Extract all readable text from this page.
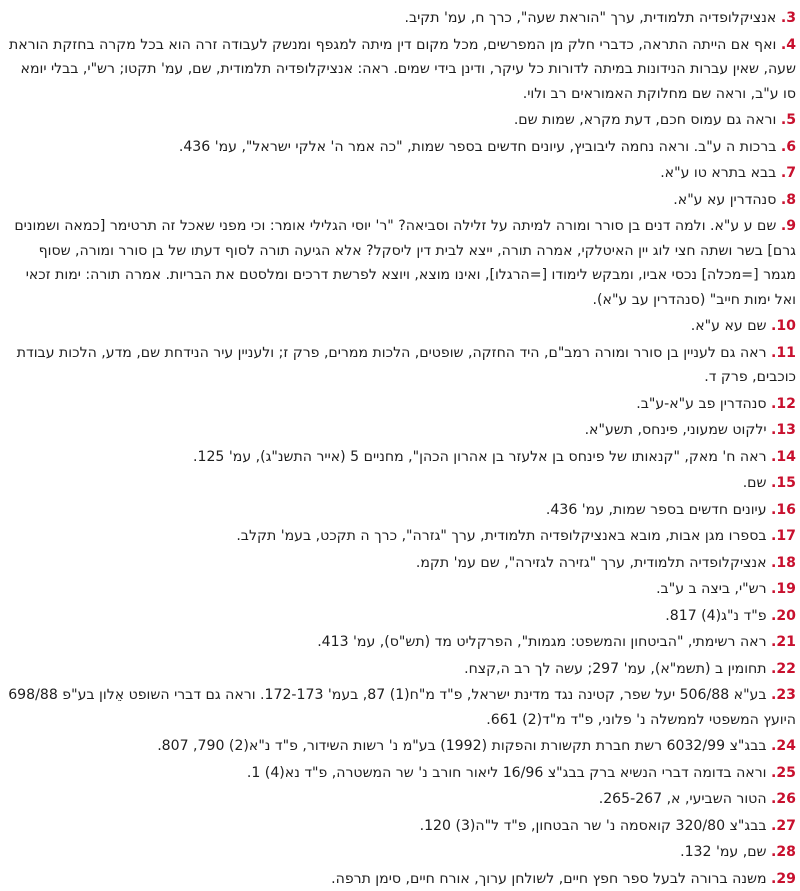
3. אנציקלופדיה תלמודית, ערך "הוראת שעה", כרך ח, עמ' תקיב.

4. ואף אם הייתה התראה, כדברי חלק מן המפרשים, מכל מקום דין מיתה למגפף ומנשק לעבודה זרה הוא בכל מקרה בחזקת הוראת שעה, שאין עברות הנידונות במיתה לדורות כל עיקר, ודינן בידי שמים. ראה: אנציקלופדיה תלמודית, שם, עמ' תקטו; רש"י, בבלי יומא סו ע"ב, וראה שם מחלוקת האמוראים רב ולוי.

5. וראה גם עמוס חכם, דעת מקרא, שמות שם.

6. ברכות ה ע"ב. וראה נחמה ליבוביץ, עיונים חדשים בספר שמות, "כה אמר ה' אלקי ישראל", עמ' 436.

7. בבא בתרא טו ע"א.

8. סנהדרין עא ע"א.

9. שם ע ע"א. ולמה דנים בן סורר ומורה למיתה על זלילה וסביאה? "ר' יוסי הגלילי אומר: וכי מפני שאכל זה תרטימר [כמאה ושמונים גרם] בשר ושתה חצי לוג יין האיטלקי, אמרה תורה, ייצא לבית דין ליסקל? אלא הגיעה תורה לסוף דעתו של בן סורר ומורה, שסוף מגמר [=מכלה] נכסי אביו, ומבקש לימודו [=הרגלו], ואינו מוצא, ויוצא לפרשת דרכים ומלסטם את הבריות. אמרה תורה: ימות זכאי ואל ימות חייב" (סנהדרין עב ע"א).

10. שם עא ע"א.

11. ראה גם לעניין בן סורר ומורה רמב"ם, היד החזקה, שופטים, הלכות ממרים, פרק ז; ולעניין עיר הנידחת שם, מדע, הלכות עבודת כוכבים, פרק ד.

12. סנהדרין פב ע"א-ע"ב.

13. ילקוט שמעוני, פינחס, תשע"א.

14. ראה ח' מאק, "קנאותו של פינחס בן אלעזר בן אהרון הכהן", מחניים 5 (אייר התשנ"ג), עמ' 125.

15. שם.

16. עיונים חדשים בספר שמות, עמ' 436.

17. בספרו מגן אבות, מובא באנציקלופדיה תלמודית, ערך "גזרה", כרך ה תקכט, בעמ' תקלב.

18. אנציקלופדיה תלמודית, ערך "גזירה לגזירה", שם עמ' תקמ.

19. רש"י, ביצה ב ע"ב.

20. פ"ד נ"ג(4) 817.

21. ראה רשימתי, "הביטחון והמשפט: מגמות", הפרקליט מד (תש"ס), עמ' 413.

22. תחומין ב (תשמ"א), עמ' 297; עשה לך רב ה,קצח.

23. בע"א 506/88 יעל שפר, קטינה נגד מדינת ישראל, פ"ד מ"ח(1) 87, בעמ' 172-173. וראה גם דברי השופט אֵלון בע"פ 698/88 היועץ המשפטי לממשלה נ' פלוני, פ"ד מ"ד(2) 661.

24. בבג"צ 6032/99 רשת חברת תקשורת והפקות (1992) בע"מ נ' רשות השידור, פ"ד נ"א(2) 790, 807.

25. וראה בדומה דברי הנשיא ברק בבג"צ 16/96 ליאור חורב נ' שר המשטרה, פ"ד נא(4) 1.

26. הטור השביעי, א, 265-267.

27. בבג"צ 320/80 קואסמה נ' שר הבטחון, פ"ד ל"ה(3) 120.

28. שם, עמ' 132.

29. משנה ברורה לבעל ספר חפץ חיים, לשולחן ערוך, אורח חיים, סימן תרפה.
